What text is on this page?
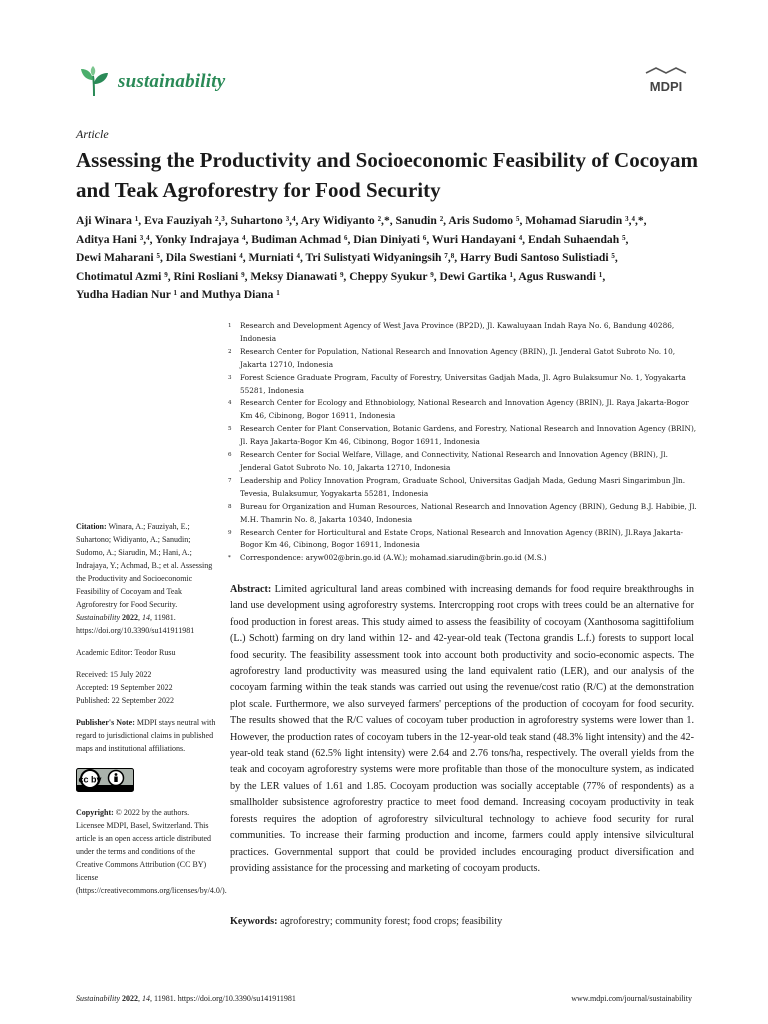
sustainability	MDPI
Article
Assessing the Productivity and Socioeconomic Feasibility of Cocoyam and Teak Agroforestry for Food Security

Aji Winara ¹, Eva Fauziyah ²,³, Suhartono ³,⁴, Ary Widiyanto ²,*, Sanudin ², Aris Sudomo ⁵, Mohamad Siarudin ³,⁴,*,

Aditya Hani ³,⁴, Yonky Indrajaya ⁴, Budiman Achmad ⁶, Dian Diniyati ⁶, Wuri Handayani ⁴, Endah Suhaendah ⁵,

Dewi Maharani ⁵, Dila Swestiani ⁴, Murniati ⁴, Tri Sulistyati Widyaningsih ⁷,⁸, Harry Budi Santoso Sulistiadi ⁵,

Chotimatul Azmi ⁹, Rini Rosliani ⁹, Meksy Dianawati ⁹, Cheppy Syukur ⁹, Dewi Gartika ¹, Agus Ruswandi ¹,

Yudha Hadian Nur ¹ and Muthya Diana ¹

1	Research and Development Agency of West Java Province (BP2D), Jl. Kawaluyaan Indah Raya No. 6, Bandung 40286, Indonesia
2	Research Center for Population, National Research and Innovation Agency (BRIN), Jl. Jenderal Gatot Subroto No. 10, Jakarta 12710, Indonesia
3	Forest Science Graduate Program, Faculty of Forestry, Universitas Gadjah Mada, Jl. Agro Bulaksumur No. 1, Yogyakarta 55281, Indonesia
4	Research Center for Ecology and Ethnobiology, National Research and Innovation Agency (BRIN), Jl. Raya Jakarta-Bogor Km 46, Cibinong, Bogor 16911, Indonesia
5	Research Center for Plant Conservation, Botanic Gardens, and Forestry, National Research and Innovation Agency (BRIN), Jl. Raya Jakarta-Bogor Km 46, Cibinong, Bogor 16911, Indonesia
6	Research Center for Social Welfare, Village, and Connectivity, National Research and Innovation Agency (BRIN), Jl. Jenderal Gatot Subroto No. 10, Jakarta 12710, Indonesia
7	Leadership and Policy Innovation Program, Graduate School, Universitas Gadjah Mada, Gedung Masri Singarimbun Jln. Tevesia, Bulaksumur, Yogyakarta 55281, Indonesia
8	Bureau for Organization and Human Resources, National Research and Innovation Agency (BRIN), Gedung B.J. Habibie, Jl. M.H. Thamrin No. 8, Jakarta 10340, Indonesia
9	Research Center for Horticultural and Estate Crops, National Research and Innovation Agency (BRIN), Jl.Raya Jakarta-Bogor Km 46, Cibinong, Bogor 16911, Indonesia
*	Correspondence: aryw002@brin.go.id (A.W.); mohamad.siarudin@brin.go.id (M.S.)

Citation: Winara, A.; Fauziyah, E.; Suhartono; Widiyanto, A.; Sanudin; Sudomo, A.; Siarudin, M.; Hani, A.; Indrajaya, Y.; Achmad, B.; et al. Assessing the Productivity and Socioeconomic Feasibility of Cocoyam and Teak Agroforestry for Food Security. Sustainability 2022, 14, 11981. https://doi.org/10.3390/su141911981

Academic Editor: Teodor Rusu

Received: 15 July 2022

Accepted: 19 September 2022

Published: 22 September 2022

Publisher's Note: MDPI stays neutral with regard to jurisdictional claims in published maps and institutional affiliations.

cc by

Copyright: © 2022 by the authors. Licensee MDPI, Basel, Switzerland. This article is an open access article distributed under the terms and conditions of the Creative Commons Attribution (CC BY) license (https://creativecommons.org/licenses/by/4.0/).

Abstract: Limited agricultural land areas combined with increasing demands for food require breakthroughs in land use development using agroforestry systems. Intercropping root crops with trees could be an alternative for food production in forest areas. This study aimed to assess the feasibility of cocoyam (Xanthosoma sagittifolium (L.) Schott) farming on dry land within 12- and 42-year-old teak (Tectona grandis L.f.) forests to support local food security. The feasibility assessment took into account both productivity and socio-economic aspects. The agroforestry land productivity was measured using the land equivalent ratio (LER), and our analysis of the cocoyam farming within the teak stands was carried out using the revenue/cost ratio (R/C) at the demonstration plot scale. Furthermore, we also surveyed farmers' perceptions of the production of cocoyam for food security. The results showed that the R/C values of cocoyam tuber production in agroforestry systems were lower than 1. However, the production rates of cocoyam tubers in the 12-year-old teak stand (48.3% light intensity) and the 42-year-old teak stand (62.5% light intensity) were 2.64 and 2.76 tons/ha, respectively. The overall yields from the teak and cocoyam agroforestry systems were more profitable than those of the monoculture system, as indicated by the LER values of 1.61 and 1.85. Cocoyam production was socially acceptable (77% of respondents) as a smallholder subsistence agroforestry practice to meet food demand. Increasing cocoyam productivity in teak forests requires the adoption of agroforestry silvicultural technology to achieve food security for rural communities. To increase their farming production and income, farmers could apply intensive silvicultural practices. Governmental support that could be provided includes encouraging product diversification and providing assistance for the processing and marketing of cocoyam products.
Keywords: agroforestry; community forest; food crops; feasibility
Sustainability 2022, 14, 11981. https://doi.org/10.3390/su141911981	www.mdpi.com/journal/sustainability
